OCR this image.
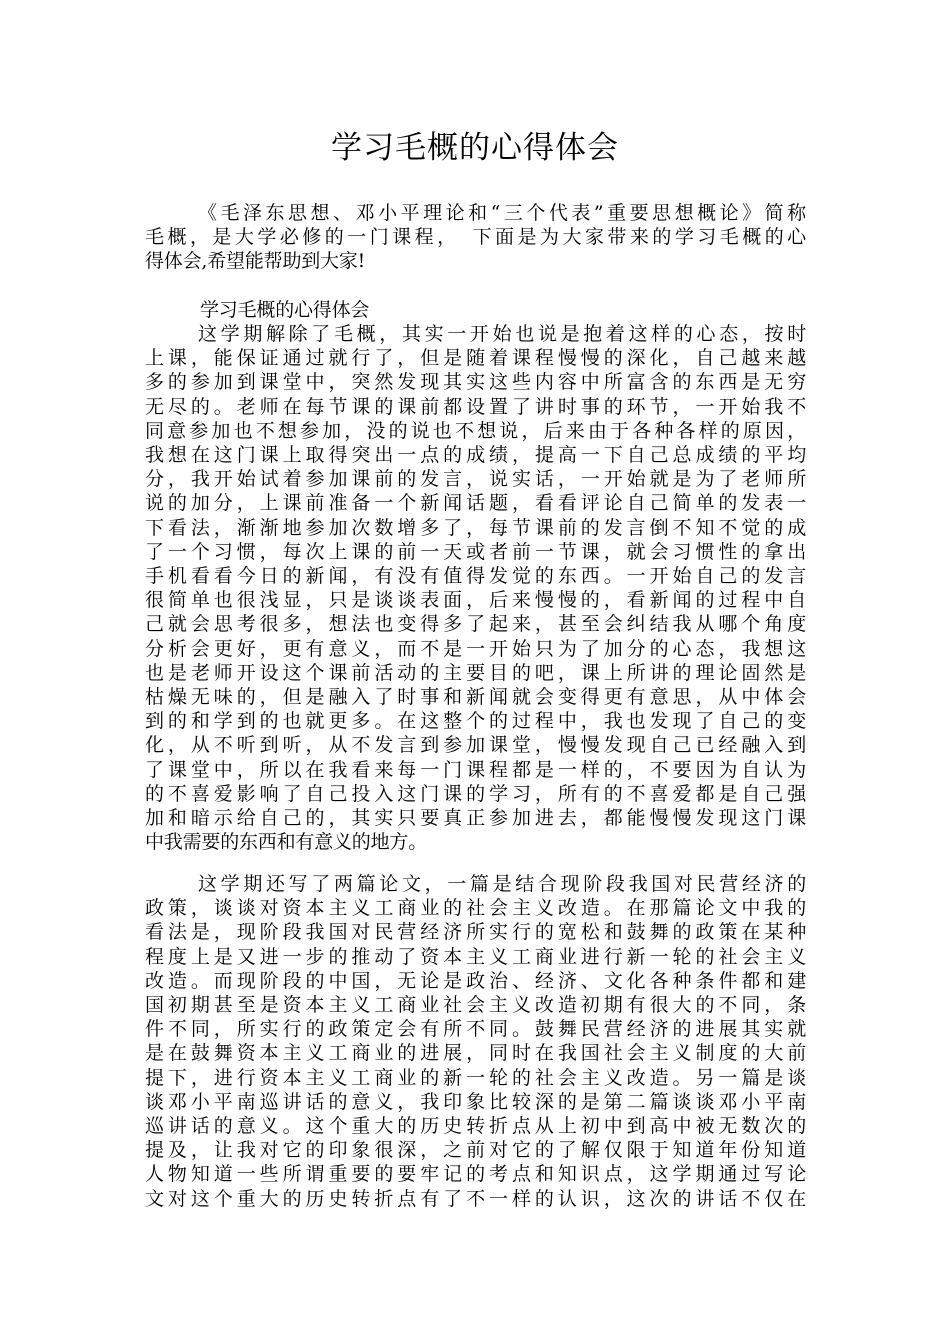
学习毛概的心得体会
《毛泽东思想、邓小平理论和“三个代表”重要思想概论》简称
毛概，是大学必修的一门课程，　下面是为大家带来的学习毛概的心
得体会,希望能帮助到大家!
学习毛概的心得体会
这学期解除了毛概，其实一开始也说是抱着这样的心态，按时
上课，能保证通过就行了，但是随着课程慢慢的深化，自己越来越
多的参加到课堂中，突然发现其实这些内容中所富含的东西是无穷
无尽的。老师在每节课的课前都设置了讲时事的环节，一开始我不
同意参加也不想参加，没的说也不想说，后来由于各种各样的原因，
我想在这门课上取得突出一点的成绩，提高一下自己总成绩的平均
分，我开始试着参加课前的发言，说实话，一开始就是为了老师所
说的加分，上课前准备一个新闻话题，看看评论自己简单的发表一
下看法，渐渐地参加次数增多了，每节课前的发言倒不知不觉的成
了一个习惯，每次上课的前一天或者前一节课，就会习惯性的拿出
手机看看今日的新闻，有没有值得发觉的东西。一开始自己的发言
很简单也很浅显，只是谈谈表面，后来慢慢的，看新闻的过程中自
己就会思考很多，想法也变得多了起来，甚至会纠结我从哪个角度
分析会更好，更有意义，而不是一开始只为了加分的心态，我想这
也是老师开设这个课前活动的主要目的吧，课上所讲的理论固然是
枯燥无味的，但是融入了时事和新闻就会变得更有意思，从中体会
到的和学到的也就更多。在这整个的过程中，我也发现了自己的变
化，从不听到听，从不发言到参加课堂，慢慢发现自己已经融入到
了课堂中，所以在我看来每一门课程都是一样的，不要因为自认为
的不喜爱影响了自己投入这门课的学习，所有的不喜爱都是自己强
加和暗示给自己的，其实只要真正参加进去，都能慢慢发现这门课
中我需要的东西和有意义的地方。
这学期还写了两篇论文，一篇是结合现阶段我国对民营经济的
政策，谈谈对资本主义工商业的社会主义改造。在那篇论文中我的
看法是，现阶段我国对民营经济所实行的宽松和鼓舞的政策在某种
程度上是又进一步的推动了资本主义工商业进行新一轮的社会主义
改造。而现阶段的中国，无论是政治、经济、文化各种条件都和建
国初期甚至是资本主义工商业社会主义改造初期有很大的不同，条
件不同，所实行的政策定会有所不同。鼓舞民营经济的进展其实就
是在鼓舞资本主义工商业的进展，同时在我国社会主义制度的大前
提下，进行资本主义工商业的新一轮的社会主义改造。另一篇是谈
谈邓小平南巡讲话的意义，我印象比较深的是第二篇谈谈邓小平南
巡讲话的意义。这个重大的历史转折点从上初中到高中被无数次的
提及，让我对它的印象很深，之前对它的了解仅限于知道年份知道
人物知道一些所谓重要的要牢记的考点和知识点，这学期通过写论
文对这个重大的历史转折点有了不一样的认识，这次的讲话不仅在
